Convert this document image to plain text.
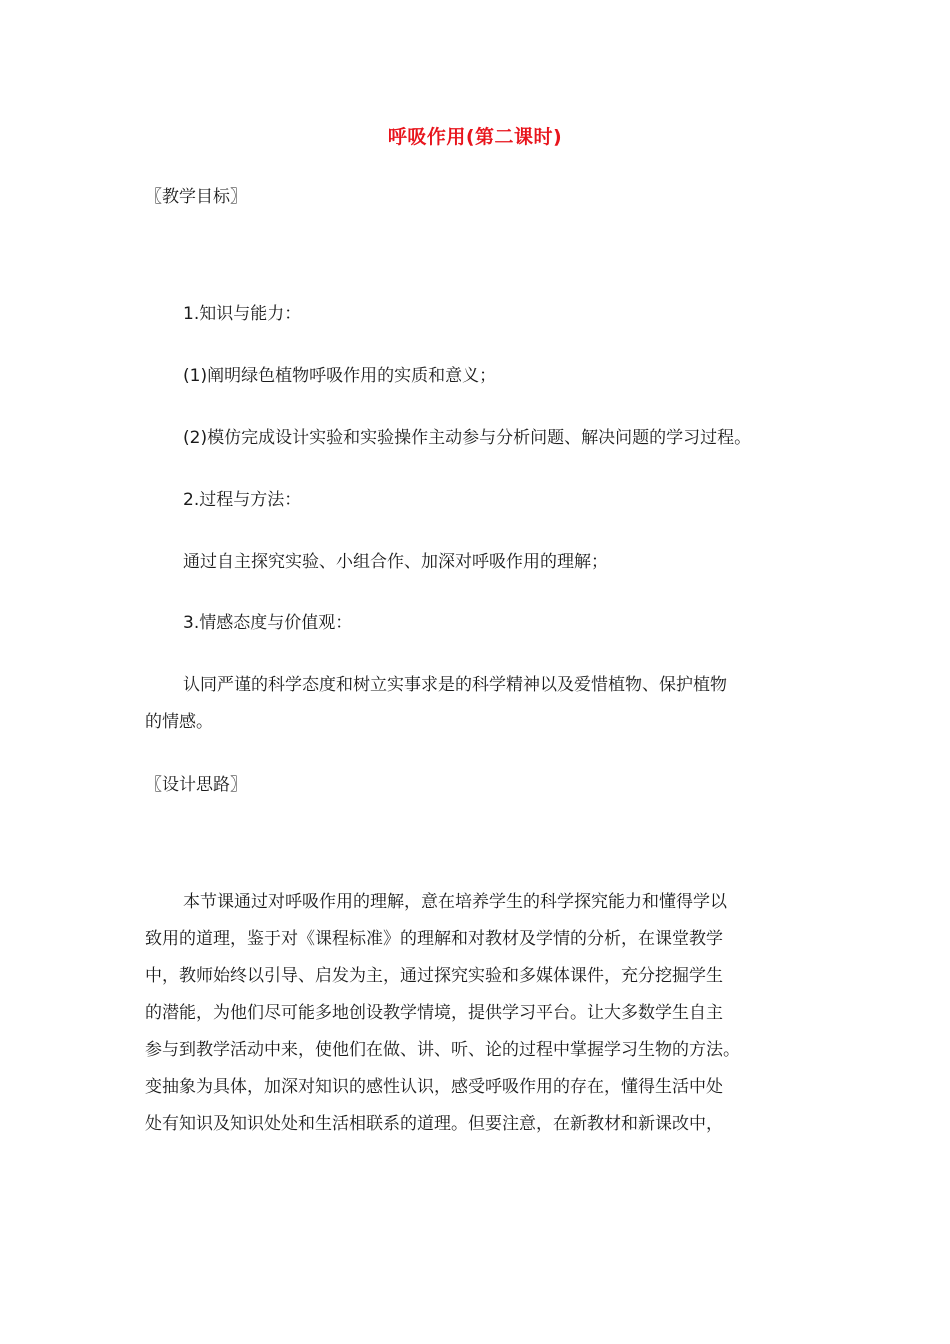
呼吸作用(第二课时)
〖教学目标〗
1.知识与能力：
(1)阐明绿色植物呼吸作用的实质和意义；
(2)模仿完成设计实验和实验操作主动参与分析问题、解决问题的学习过程。
2.过程与方法：
通过自主探究实验、小组合作、加深对呼吸作用的理解；
3.情感态度与价值观：
认同严谨的科学态度和树立实事求是的科学精神以及爱惜植物、保护植物
的情感。
〖设计思路〗
本节课通过对呼吸作用的理解，意在培养学生的科学探究能力和懂得学以
致用的道理，鉴于对《课程标准》的理解和对教材及学情的分析，在课堂教学
中，教师始终以引导、启发为主，通过探究实验和多媒体课件，充分挖掘学生
的潜能，为他们尽可能多地创设教学情境，提供学习平台。让大多数学生自主
参与到教学活动中来，使他们在做、讲、听、论的过程中掌握学习生物的方法。
变抽象为具体，加深对知识的感性认识，感受呼吸作用的存在，懂得生活中处
处有知识及知识处处和生活相联系的道理。但要注意，在新教材和新课改中，
